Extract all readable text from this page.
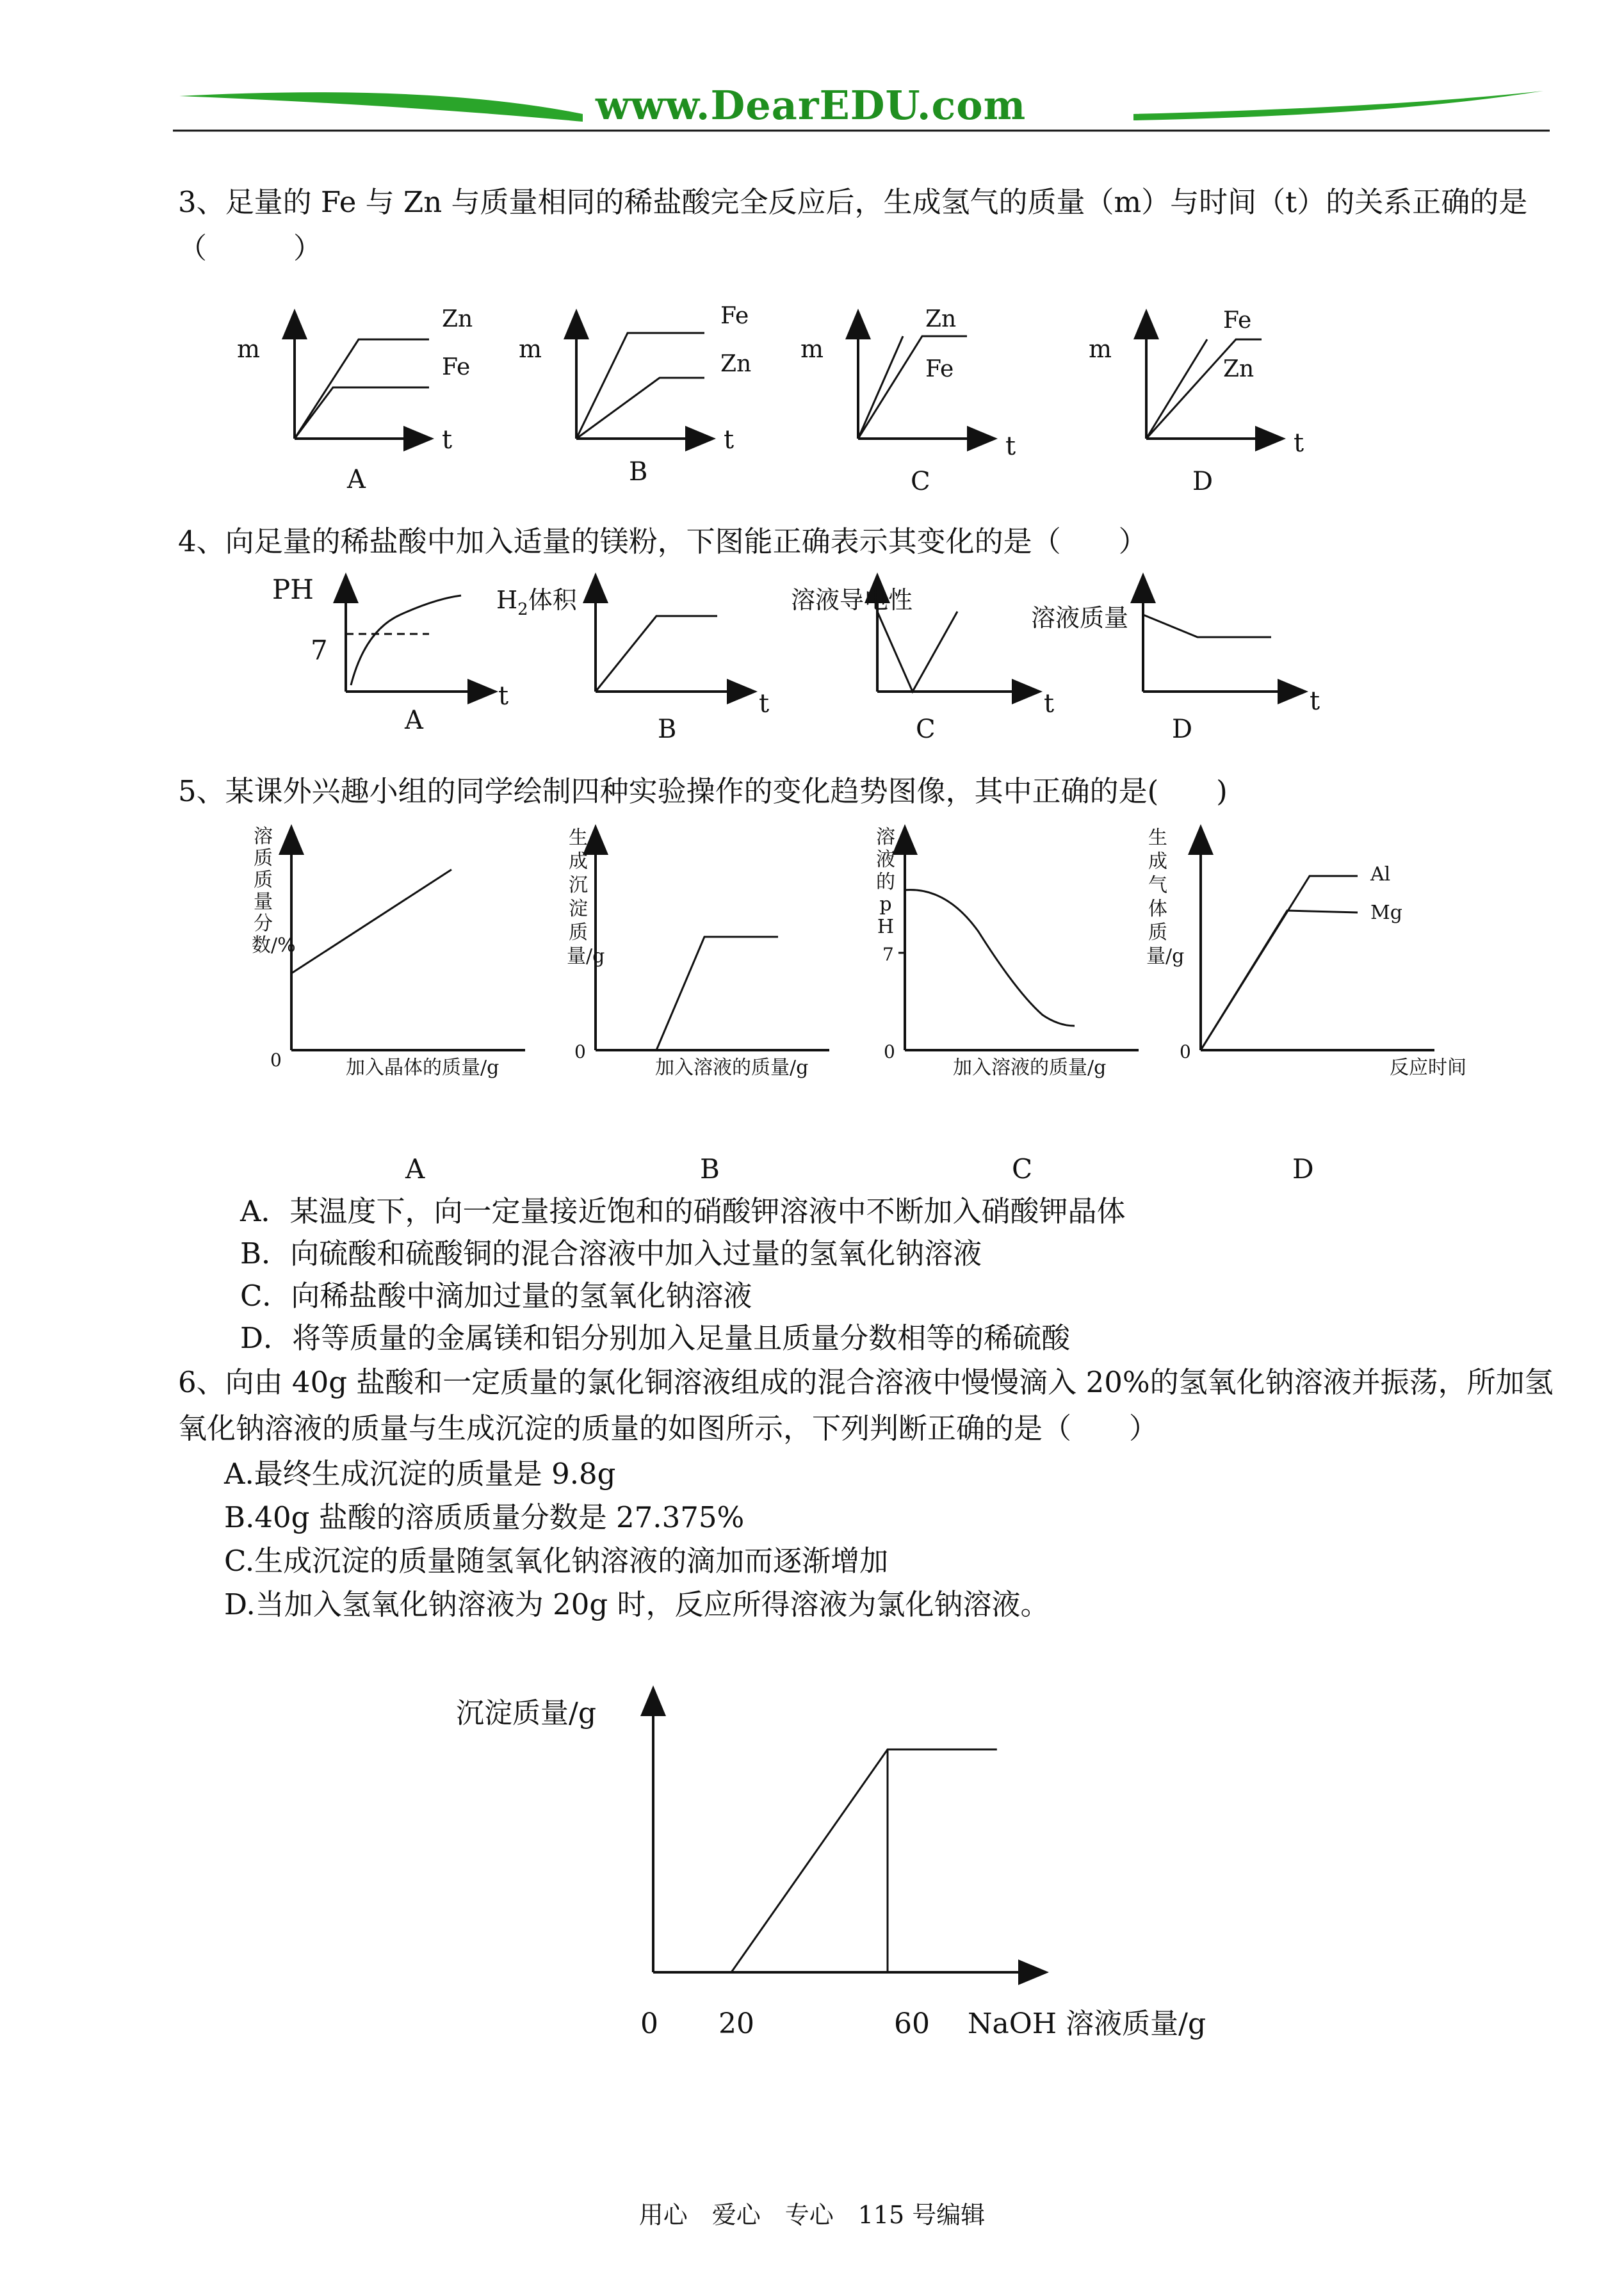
www.DearEDU.com
3、足量的 Fe 与 Zn 与质量相同的稀盐酸完全反应后，生成氢气的质量（m）与时间（t）的关系正确的是（　　　）
m
t
Zn
Fe
A
m
t
Fe
Zn
B
m
t
Zn
Fe
C
m
t
Fe
Zn
D
4、向足量的稀盐酸中加入适量的镁粉，下图能正确表示其变化的是（　　）
PH
7
t
A
$H_2$体积
t
B
溶液导电性
t
C
溶液质量
t
D
5、某课外兴趣小组的同学绘制四种实验操作的变化趋势图像，其中正确的是(　　)
溶质质量分数/%
生成沉淀质量/g
溶液的pH
生成气体质量/g
0	加入晶体的质量/g
0
加入溶液的质量/g
7
0
加入溶液的质量/g
0
反应时间
Al
Mg
A	B	C	D
A．某温度下，向一定量接近饱和的硝酸钾溶液中不断加入硝酸钾晶体
B．向硫酸和硫酸铜的混合溶液中加入过量的氢氧化钠溶液
C．向稀盐酸中滴加过量的氢氧化钠溶液
D．将等质量的金属镁和铝分别加入足量且质量分数相等的稀硫酸
6、向由 40g 盐酸和一定质量的氯化铜溶液组成的混合溶液中慢慢滴入 20%的氢氧化钠溶液并振荡，所加氢氧化钠溶液的质量与生成沉淀的质量的如图所示，下列判断正确的是（　　）
A.最终生成沉淀的质量是 9.8g
B.40g 盐酸的溶质质量分数是 27.375%
C.生成沉淀的质量随氢氧化钠溶液的滴加而逐渐增加
D.当加入氢氧化钠溶液为 20g 时，反应所得溶液为氯化钠溶液。
沉淀质量/g
0 20	60 NaOH 溶液质量/g
用心　爱心　专心　115 号编辑
